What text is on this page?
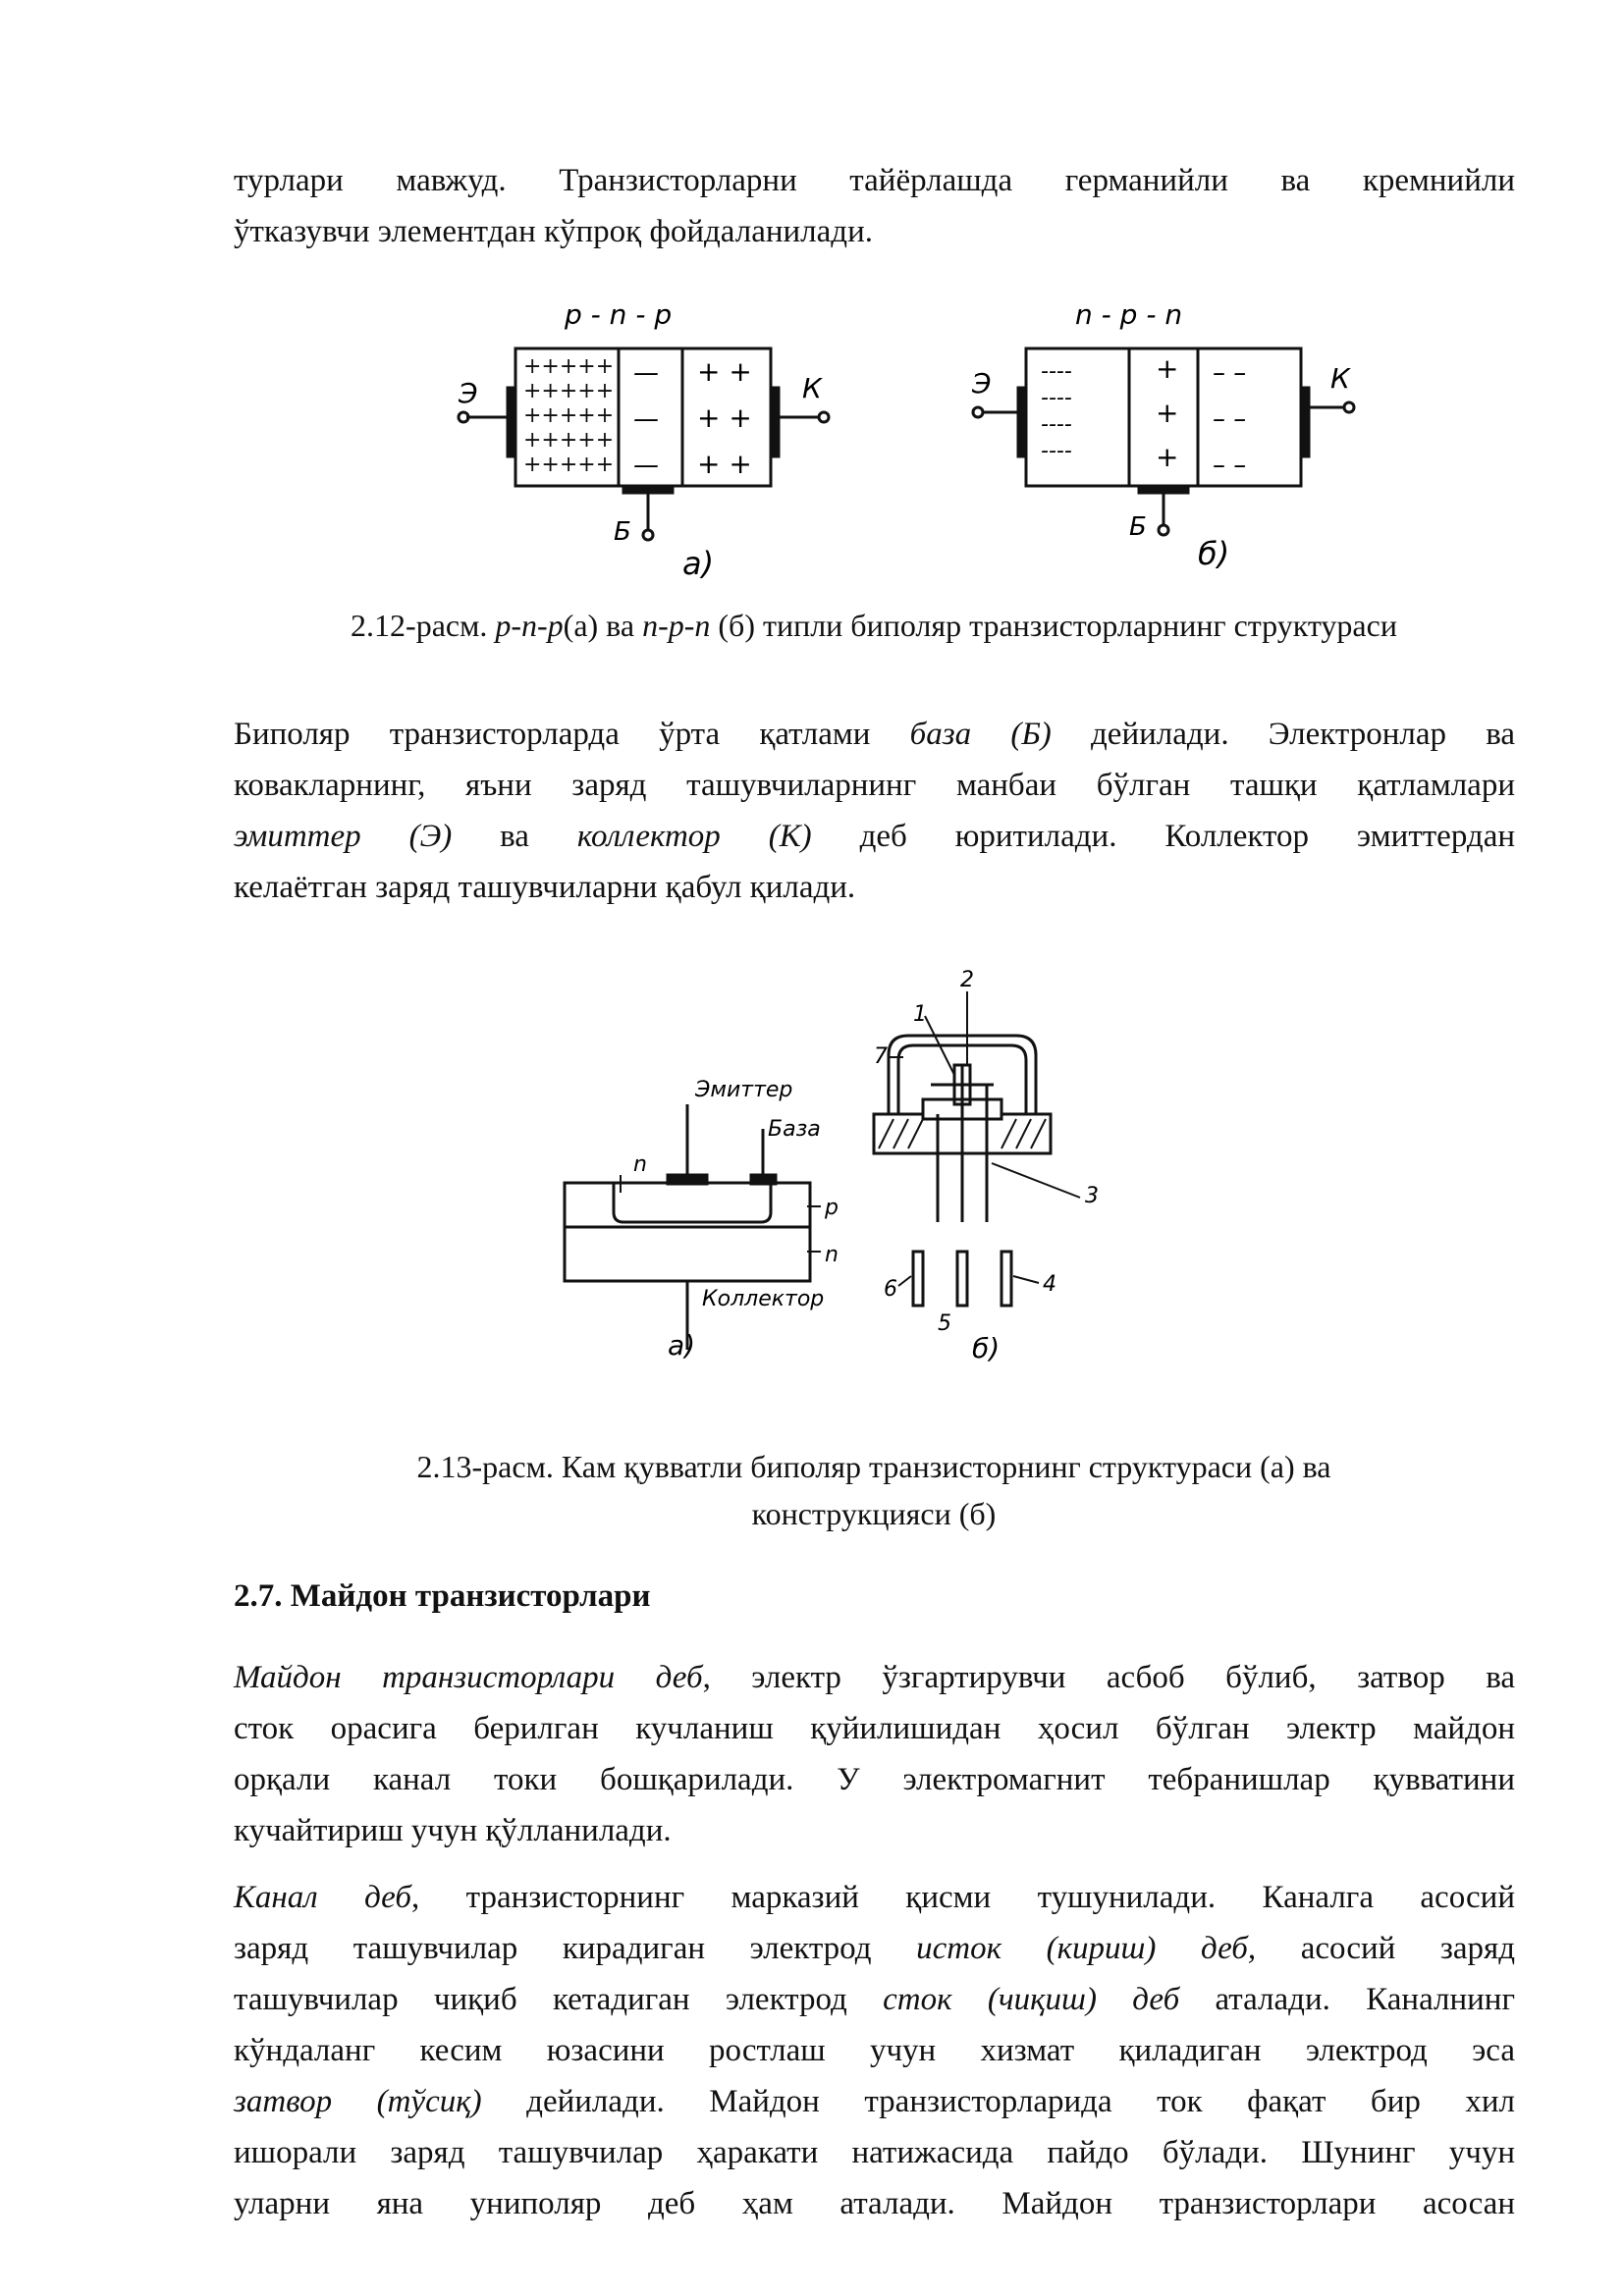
турлари мавжуд. Транзисторларни тайёрлашда германийли ва кремнийли
ўтказувчи элементдан кўпроқ фойдаланилади.

p - n - p
Э	К
Б
а)
+++++
+++++
+++++
+++++
+++++
—
—
—
+ +
+ +
+ +
n - p - n
Э	К
Б
б)
----
----
----
----
+
+
+
– –
– –
– –

2.12-расм. p-n-p(а) ва n-p-n (б) типли биполяр транзисторларнинг структураси

Биполяр транзисторларда ўрта қатлами база (Б) дейилади. Электронлар ва
ковакларнинг, яъни заряд ташувчиларнинг манбаи бўлган ташқи қатламлари
эмиттер (Э) ва коллектор (К) деб юритилади. Коллектор эмиттердан
келаётган заряд ташувчиларни қабул қилади.

Эмиттер
База
n
p
n
Коллектор
а)
2
1
7
3
6	4
5
б)

2.13-расм. Кам қувватли биполяр транзисторнинг структураси (а) ва
конструкцияси (б)

2.7. Майдон транзисторлари

Майдон транзисторлари деб, электр ўзгартирувчи асбоб бўлиб, затвор ва
сток орасига берилган кучланиш қуйилишидан ҳосил бўлган электр майдон
орқали канал токи бошқарилади. У электромагнит тебранишлар қувватини
кучайтириш учун қўлланилади.

Канал деб, транзисторнинг марказий қисми тушунилади. Каналга асосий
заряд ташувчилар кирадиган электрод исток (кириш) деб, асосий заряд
ташувчилар чиқиб кетадиган электрод сток (чиқиш) деб аталади. Каналнинг
кўндаланг кесим юзасини ростлаш учун хизмат қиладиган электрод эса
затвор (тўсиқ) дейилади. Майдон транзисторларида ток фақат бир хил
ишорали заряд ташувчилар ҳаракати натижасида пайдо бўлади. Шунинг учун
уларни яна униполяр деб ҳам аталади. Майдон транзисторлари асосан
